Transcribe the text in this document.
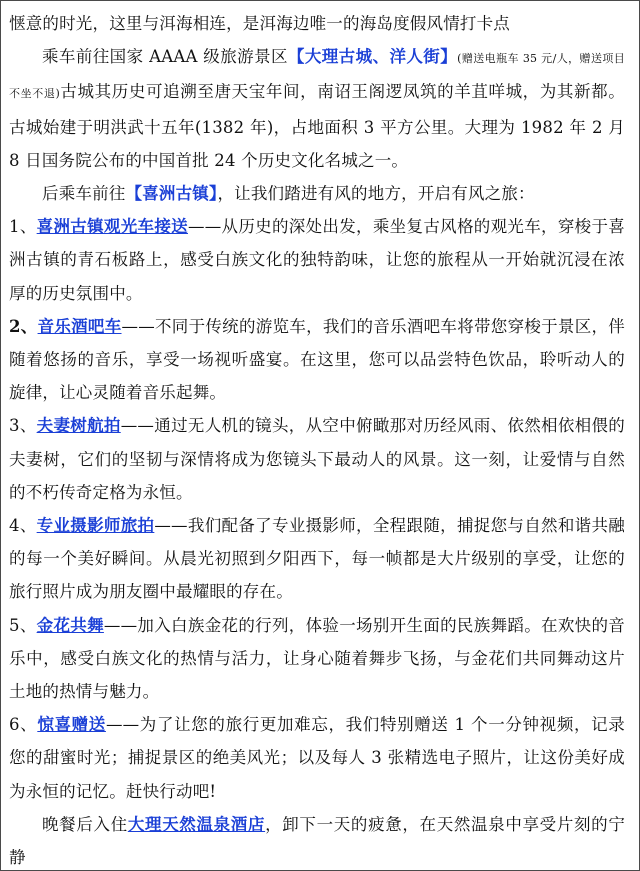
惬意的时光，这里与洱海相连，是洱海边唯一的海岛度假风情打卡点

乘车前往国家 AAAA 级旅游景区【大理古城、洋人街】(赠送电瓶车 35 元/人，赠送项目不坐不退)古城其历史可追溯至唐天宝年间，南诏王阁逻凤筑的羊苴咩城，为其新都。古城始建于明洪武十五年(1382 年)，占地面积 3 平方公里。大理为 1982 年 2 月 8 日国务院公布的中国首批 24 个历史文化名城之一。

后乘车前往【喜洲古镇】，让我们踏进有风的地方，开启有风之旅：

1、喜洲古镇观光车接送——从历史的深处出发，乘坐复古风格的观光车，穿梭于喜洲古镇的青石板路上，感受白族文化的独特韵味，让您的旅程从一开始就沉浸在浓厚的历史氛围中。

2、音乐酒吧车——不同于传统的游览车，我们的音乐酒吧车将带您穿梭于景区，伴随着悠扬的音乐，享受一场视听盛宴。在这里，您可以品尝特色饮品，聆听动人的旋律，让心灵随着音乐起舞。

3、夫妻树航拍——通过无人机的镜头，从空中俯瞰那对历经风雨、依然相依相偎的夫妻树，它们的坚韧与深情将成为您镜头下最动人的风景。这一刻，让爱情与自然的不朽传奇定格为永恒。

4、专业摄影师旅拍——我们配备了专业摄影师，全程跟随，捕捉您与自然和谐共融的每一个美好瞬间。从晨光初照到夕阳西下，每一帧都是大片级别的享受，让您的旅行照片成为朋友圈中最耀眼的存在。

5、金花共舞——加入白族金花的行列，体验一场别开生面的民族舞蹈。在欢快的音乐中，感受白族文化的热情与活力，让身心随着舞步飞扬，与金花们共同舞动这片土地的热情与魅力。

6、惊喜赠送——为了让您的旅行更加难忘，我们特别赠送 1 个一分钟视频，记录您的甜蜜时光；捕捉景区的绝美风光；以及每人 3 张精选电子照片，让这份美好成为永恒的记忆。赶快行动吧!

晚餐后入住大理天然温泉酒店，卸下一天的疲惫，在天然温泉中享受片刻的宁静
